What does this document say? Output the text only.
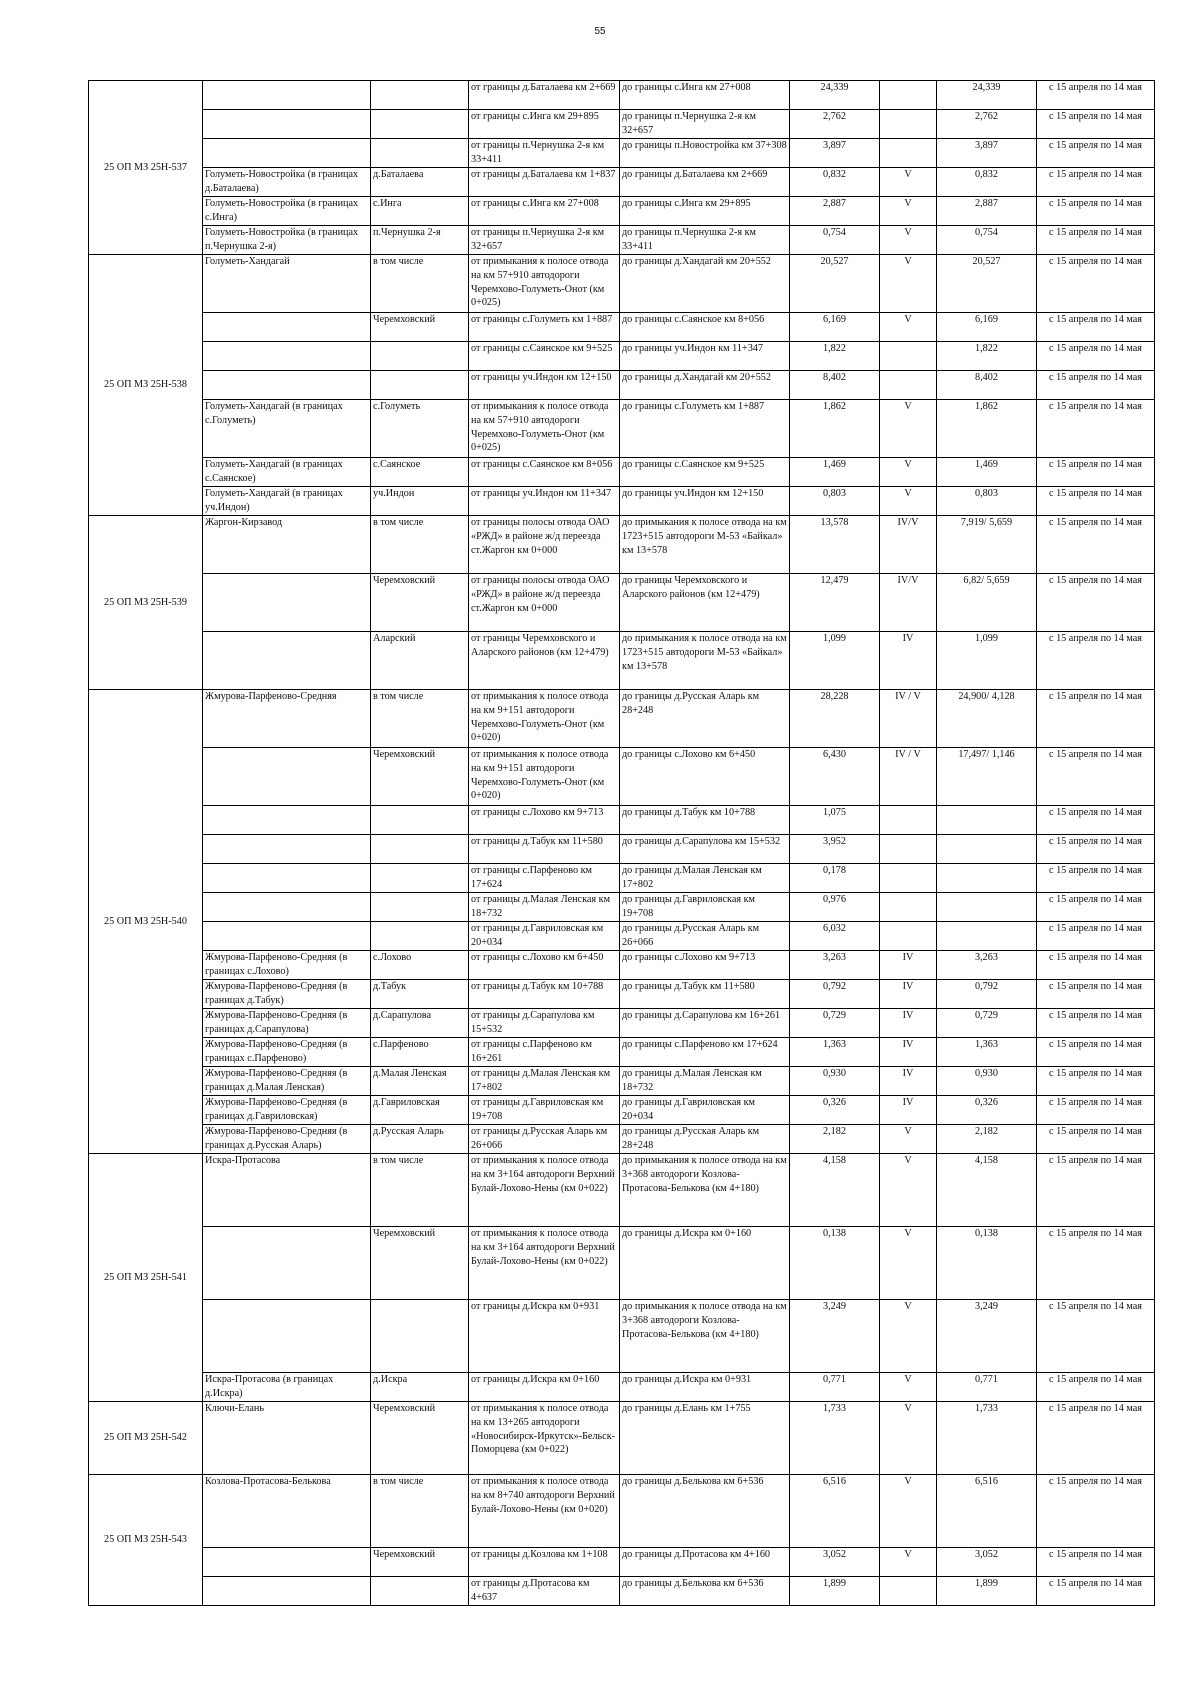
55
25 ОП МЗ 25Н-537			от границы д.Баталаева км 2+669	до границы с.Инга км 27+008	24,339		24,339	с 15 апреля по 14 мая
			от границы с.Инга км 29+895	до границы п.Чернушка 2-я км 32+657	2,762		2,762	с 15 апреля по 14 мая
			от границы п.Чернушка 2-я км 33+411	до границы п.Новостройка км 37+308	3,897		3,897	с 15 апреля по 14 мая
	Голуметь-Новостройка (в границах д.Баталаева)	д.Баталаева	от границы д.Баталаева км 1+837	до границы д.Баталаева км 2+669	0,832	V	0,832	с 15 апреля по 14 мая
	Голуметь-Новостройка (в границах с.Инга)	с.Инга	от границы с.Инга км 27+008	до границы с.Инга км 29+895	2,887	V	2,887	с 15 апреля по 14 мая
	Голуметь-Новостройка (в границах п.Чернушка 2-я)	п.Чернушка 2-я	от границы п.Чернушка 2-я км 32+657	до границы п.Чернушка 2-я км 33+411	0,754	V	0,754	с 15 апреля по 14 мая
25 ОП МЗ 25Н-538	Голуметь-Хандагай	в том числе	от примыкания к полосе отвода на км 57+910 автодороги Черемхово-Голуметь-Онот (км 0+025)	до границы д.Хандагай км 20+552	20,527	V	20,527	с 15 апреля по 14 мая
		Черемховский	от границы с.Голуметь км 1+887	до границы с.Саянское км 8+056	6,169	V	6,169	с 15 апреля по 14 мая
			от границы с.Саянское км 9+525	до границы уч.Индон км 11+347	1,822		1,822	с 15 апреля по 14 мая
			от границы уч.Индон км 12+150	до границы д.Хандагай км 20+552	8,402		8,402	с 15 апреля по 14 мая
	Голуметь-Хандагай (в границах с.Голуметь)	с.Голуметь	от примыкания к полосе отвода на км 57+910 автодороги Черемхово-Голуметь-Онот (км 0+025)	до границы с.Голуметь км 1+887	1,862	V	1,862	с 15 апреля по 14 мая
	Голуметь-Хандагай (в границах с.Саянское)	с.Саянское	от границы с.Саянское км 8+056	до границы с.Саянское км 9+525	1,469	V	1,469	с 15 апреля по 14 мая
	Голуметь-Хандагай (в границах уч.Индон)	уч.Индон	от границы уч.Индон км 11+347	до границы уч.Индон км 12+150	0,803	V	0,803	с 15 апреля по 14 мая
25 ОП МЗ 25Н-539	Жаргон-Кирзавод	в том числе	от границы полосы отвода ОАО «РЖД» в районе ж/д переезда ст.Жаргон км 0+000	до примыкания к полосе отвода на км 1723+515 автодороги М-53 «Байкал» км 13+578	13,578	IV/V	7,919/ 5,659	с 15 апреля по 14 мая
		Черемховский	от границы полосы отвода ОАО «РЖД» в районе ж/д переезда ст.Жаргон км 0+000	до границы Черемховского и Аларского районов (км 12+479)	12,479	IV/V	6,82/ 5,659	с 15 апреля по 14 мая
		Аларский	от границы Черемховского и Аларского районов (км 12+479)	до примыкания к полосе отвода на км 1723+515 автодороги М-53 «Байкал» км 13+578	1,099	IV	1,099	с 15 апреля по 14 мая
25 ОП МЗ 25Н-540	Жмурова-Парфеново-Средняя	в том числе	от примыкания к полосе отвода на км 9+151 автодороги Черемхово-Голуметь-Онот (км 0+020)	до границы д.Русская Аларь км 28+248	28,228	IV / V	24,900/ 4,128	с 15 апреля по 14 мая
		Черемховский	от примыкания к полосе отвода на км 9+151 автодороги Черемхово-Голуметь-Онот (км 0+020)	до границы с.Лохово км 6+450	6,430	IV / V	17,497/ 1,146	с 15 апреля по 14 мая
			от границы с.Лохово км 9+713	до границы д.Табук км 10+788	1,075			с 15 апреля по 14 мая
			от границы д.Табук км 11+580	до границы д.Сарапулова км 15+532	3,952			с 15 апреля по 14 мая
			от границы с.Парфеново км 17+624	до границы д.Малая Ленская км 17+802	0,178			с 15 апреля по 14 мая
			от границы д.Малая Ленская км 18+732	до границы д.Гавриловская км 19+708	0,976			с 15 апреля по 14 мая
			от границы д.Гавриловская км 20+034	до границы д.Русская Аларь км 26+066	6,032			с 15 апреля по 14 мая
	Жмурова-Парфеново-Средняя (в границах с.Лохово)	с.Лохово	от границы с.Лохово км 6+450	до границы с.Лохово км 9+713	3,263	IV	3,263	с 15 апреля по 14 мая
	Жмурова-Парфеново-Средняя (в границах д.Табук)	д.Табук	от границы д.Табук км 10+788	до границы д.Табук км 11+580	0,792	IV	0,792	с 15 апреля по 14 мая
	Жмурова-Парфеново-Средняя (в границах д.Сарапулова)	д.Сарапулова	от границы д.Сарапулова км 15+532	до границы д.Сарапулова км 16+261	0,729	IV	0,729	с 15 апреля по 14 мая
	Жмурова-Парфеново-Средняя (в границах с.Парфеново)	с.Парфеново	от границы с.Парфеново км 16+261	до границы с.Парфеново км 17+624	1,363	IV	1,363	с 15 апреля по 14 мая
	Жмурова-Парфеново-Средняя (в границах д.Малая Ленская)	д.Малая Ленская	от границы д.Малая Ленская км 17+802	до границы д.Малая Ленская км 18+732	0,930	IV	0,930	с 15 апреля по 14 мая
	Жмурова-Парфеново-Средняя (в границах д.Гавриловская)	д.Гавриловская	от границы д.Гавриловская км 19+708	до границы д.Гавриловская км 20+034	0,326	IV	0,326	с 15 апреля по 14 мая
	Жмурова-Парфеново-Средняя (в границах д.Русская Аларь)	д.Русская Аларь	от границы д.Русская Аларь км 26+066	до границы д.Русская Аларь км 28+248	2,182	V	2,182	с 15 апреля по 14 мая
25 ОП МЗ 25Н-541	Искра-Протасова	в том числе	от примыкания к полосе отвода на км 3+164 автодороги Верхний Булай-Лохово-Нены (км 0+022)	до примыкания к полосе отвода на км 3+368 автодороги Козлова-Протасова-Белькова (км 4+180)	4,158	V	4,158	с 15 апреля по 14 мая
		Черемховский	от примыкания к полосе отвода на км 3+164 автодороги Верхний Булай-Лохово-Нены (км 0+022)	до границы д.Искра км 0+160	0,138	V	0,138	с 15 апреля по 14 мая
			от границы д.Искра км 0+931	до примыкания к полосе отвода на км 3+368 автодороги Козлова-Протасова-Белькова (км 4+180)	3,249	V	3,249	с 15 апреля по 14 мая
	Искра-Протасова (в границах д.Искра)	д.Искра	от границы д.Искра км 0+160	до границы д.Искра км 0+931	0,771	V	0,771	с 15 апреля по 14 мая
25 ОП МЗ 25Н-542	Ключи-Елань	Черемховский	от примыкания к полосе отвода на км 13+265 автодороги «Новосибирск-Иркутск»-Бельск-Поморцева (км 0+022)	до границы д.Елань км 1+755	1,733	V	1,733	с 15 апреля по 14 мая
25 ОП МЗ 25Н-543	Козлова-Протасова-Белькова	в том числе	от примыкания к полосе отвода на км 8+740 автодороги Верхний Булай-Лохово-Нены (км 0+020)	до границы д.Белькова км 6+536	6,516	V	6,516	с 15 апреля по 14 мая
		Черемховский	от границы д.Козлова км 1+108	до границы д.Протасова км 4+160	3,052	V	3,052	с 15 апреля по 14 мая
			от границы д.Протасова км 4+637	до границы д.Белькова км 6+536	1,899		1,899	с 15 апреля по 14 мая
